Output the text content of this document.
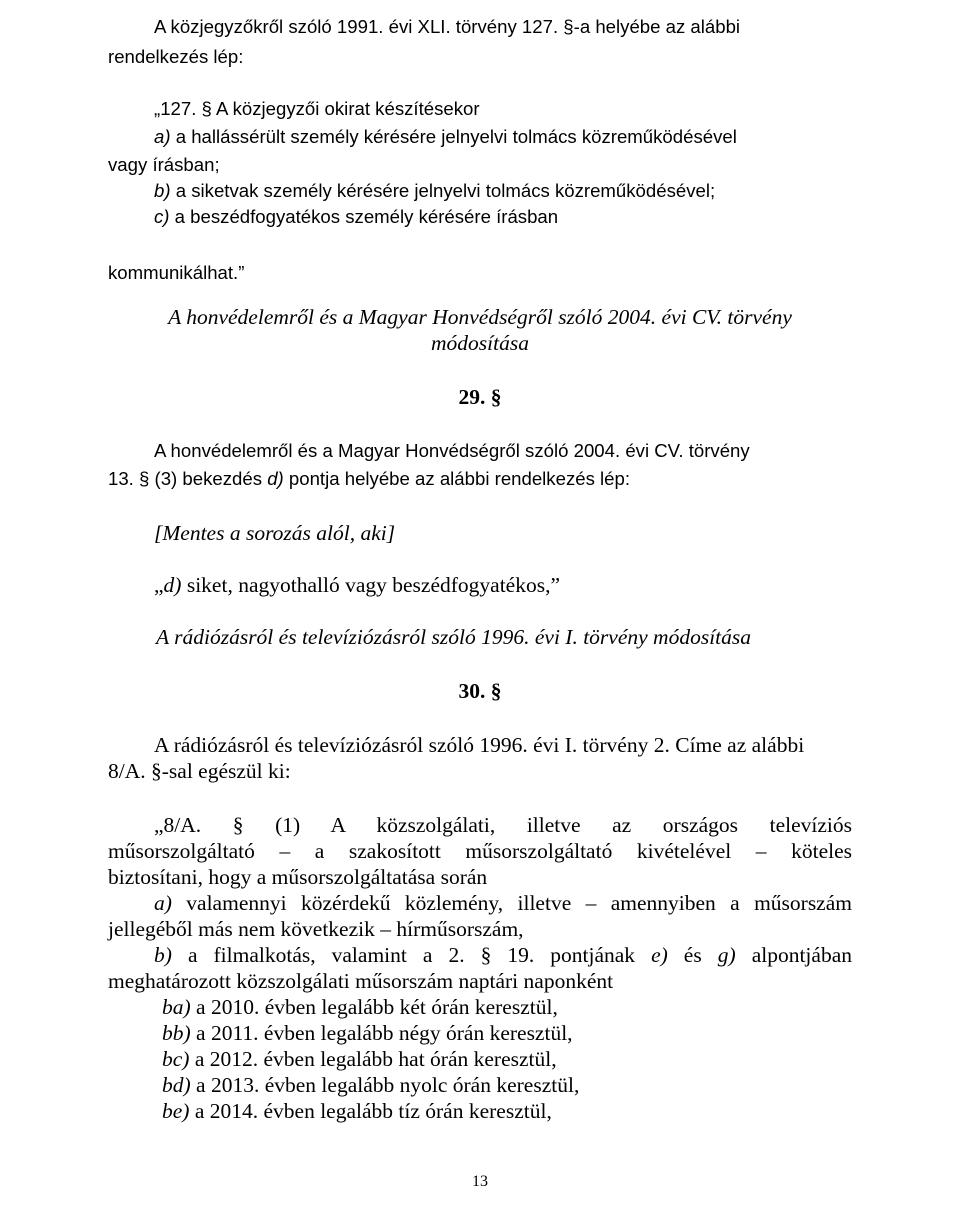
A közjegyzőkről szóló 1991. évi XLI. törvény 127. §-a helyébe az alábbi

rendelkezés lép:

„127. § A közjegyzői okirat készítésekor

a) a hallássérült személy kérésére jelnyelvi tolmács közreműködésével

vagy írásban;

b) a siketvak személy kérésére jelnyelvi tolmács közreműködésével;

c) a beszédfogyatékos személy kérésére írásban

kommunikálhat.”

A honvédelemről és a Magyar Honvédségről szóló 2004. évi CV. törvény

módosítása

29. §

A honvédelemről és a Magyar Honvédségről szóló 2004. évi CV. törvény

13. § (3) bekezdés d) pontja helyébe az alábbi rendelkezés lép:

[Mentes a sorozás alól, aki]

„d) siket, nagyothalló vagy beszédfogyatékos,”

A rádiózásról és televíziózásról szóló 1996. évi I. törvény módosítása

30. §

A rádiózásról és televíziózásról szóló 1996. évi I. törvény 2. Címe az alábbi

8/A. §-sal egészül ki:

„8/A. § (1) A közszolgálati, illetve az országos televíziós

műsorszolgáltató – a szakosított műsorszolgáltató kivételével – köteles

biztosítani, hogy a műsorszolgáltatása során

a) valamennyi közérdekű közlemény, illetve – amennyiben a műsorszám

jellegéből más nem következik – hírműsorszám,

b) a filmalkotás, valamint a 2. § 19. pontjának e) és g) alpontjában

meghatározott közszolgálati műsorszám naptári naponként

ba) a 2010. évben legalább két órán keresztül,

bb) a 2011. évben legalább négy órán keresztül,

bc) a 2012. évben legalább hat órán keresztül,

bd) a 2013. évben legalább nyolc órán keresztül,

be) a 2014. évben legalább tíz órán keresztül,

13
